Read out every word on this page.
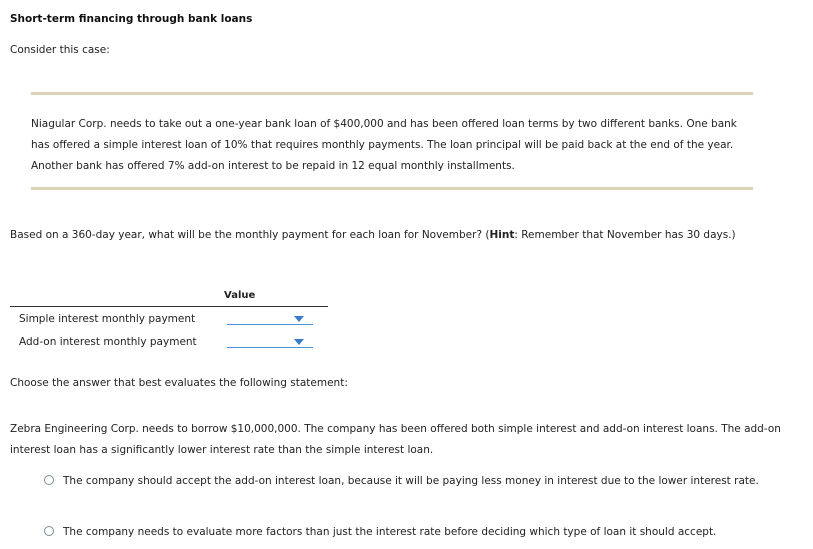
Short-term financing through bank loans
Consider this case:
Niagular Corp. needs to take out a one-year bank loan of $400,000 and has been offered loan terms by two different banks. One bank has offered a simple interest loan of 10% that requires monthly payments. The loan principal will be paid back at the end of the year. Another bank has offered 7% add-on interest to be repaid in 12 equal monthly installments.
Based on a 360-day year, what will be the monthly payment for each loan for November? (Hint: Remember that November has 30 days.)
Value
Simple interest monthly payment
Add-on interest monthly payment
Choose the answer that best evaluates the following statement:
Zebra Engineering Corp. needs to borrow $10,000,000. The company has been offered both simple interest and add-on interest loans. The add-on interest loan has a significantly lower interest rate than the simple interest loan.
The company should accept the add-on interest loan, because it will be paying less money in interest due to the lower interest rate.
The company needs to evaluate more factors than just the interest rate before deciding which type of loan it should accept.
